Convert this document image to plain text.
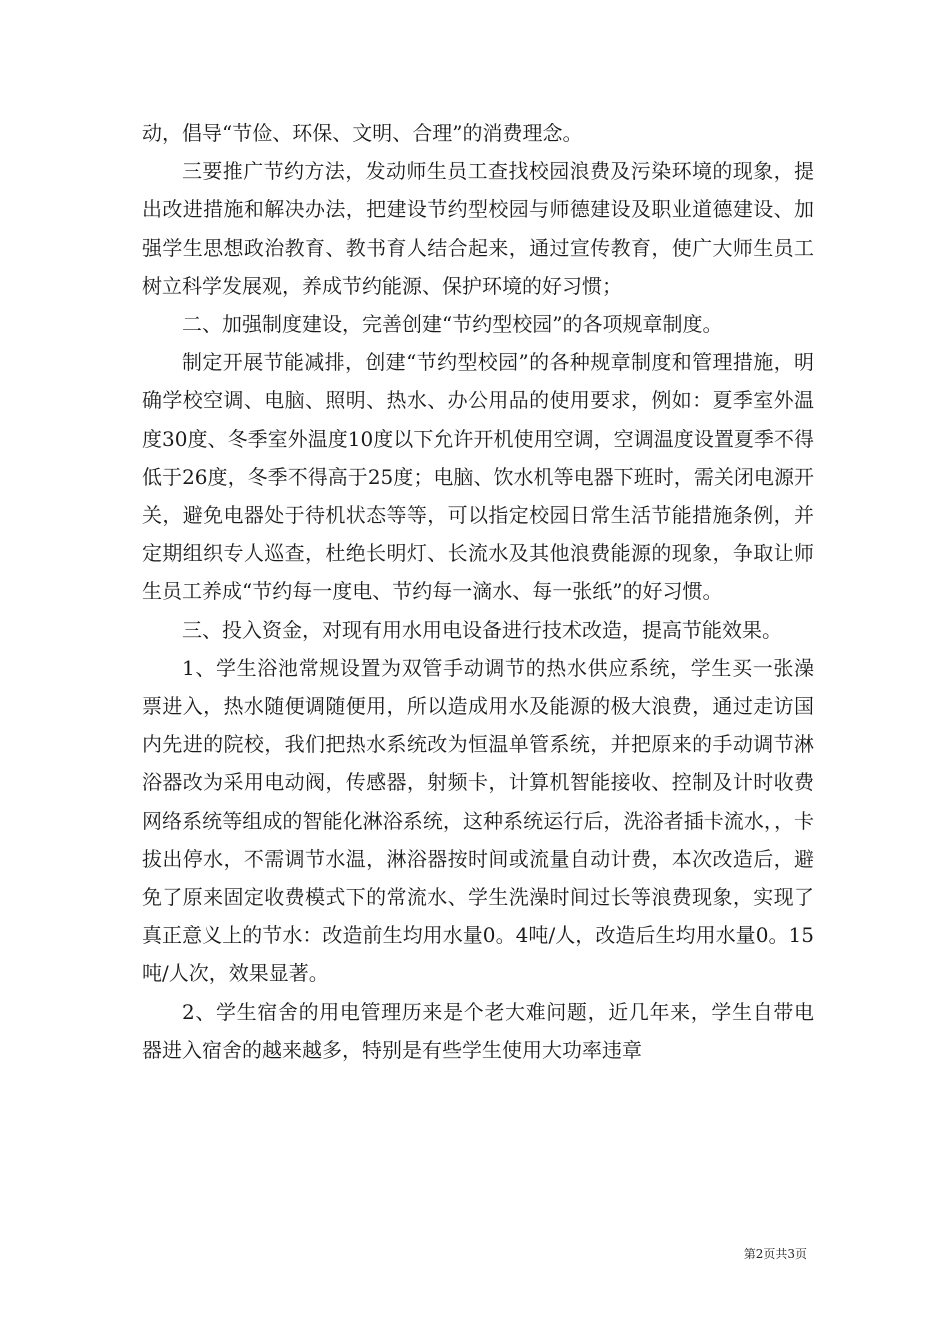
动，倡导“节俭、环保、文明、合理”的消费理念。

三要推广节约方法，发动师生员工查找校园浪费及污染环境的现象，提出改进措施和解决办法，把建设节约型校园与师德建设及职业道德建设、加强学生思想政治教育、教书育人结合起来，通过宣传教育，使广大师生员工树立科学发展观，养成节约能源、保护环境的好习惯；

二、加强制度建设，完善创建“节约型校园”的各项规章制度。

制定开展节能减排，创建“节约型校园”的各种规章制度和管理措施，明确学校空调、电脑、照明、热水、办公用品的使用要求，例如：夏季室外温度30度、冬季室外温度10度以下允许开机使用空调，空调温度设置夏季不得低于26度，冬季不得高于25度；电脑、饮水机等电器下班时，需关闭电源开关，避免电器处于待机状态等等，可以指定校园日常生活节能措施条例，并定期组织专人巡查，杜绝长明灯、长流水及其他浪费能源的现象，争取让师生员工养成“节约每一度电、节约每一滴水、每一张纸”的好习惯。

三、投入资金，对现有用水用电设备进行技术改造，提高节能效果。

1、学生浴池常规设置为双管手动调节的热水供应系统，学生买一张澡票进入，热水随便调随便用，所以造成用水及能源的极大浪费，通过走访国内先进的院校，我们把热水系统改为恒温单管系统，并把原来的手动调节淋浴器改为采用电动阀，传感器，射频卡，计算机智能接收、控制及计时收费网络系统等组成的智能化淋浴系统，这种系统运行后，洗浴者插卡流水，，卡拔出停水，不需调节水温，淋浴器按时间或流量自动计费，本次改造后，避免了原来固定收费模式下的常流水、学生洗澡时间过长等浪费现象，实现了真正意义上的节水：改造前生均用水量0。4吨/人，改造后生均用水量0。15吨/人次，效果显著。

2、学生宿舍的用电管理历来是个老大难问题，近几年来，学生自带电器进入宿舍的越来越多，特别是有些学生使用大功率违章

第2页共3页
